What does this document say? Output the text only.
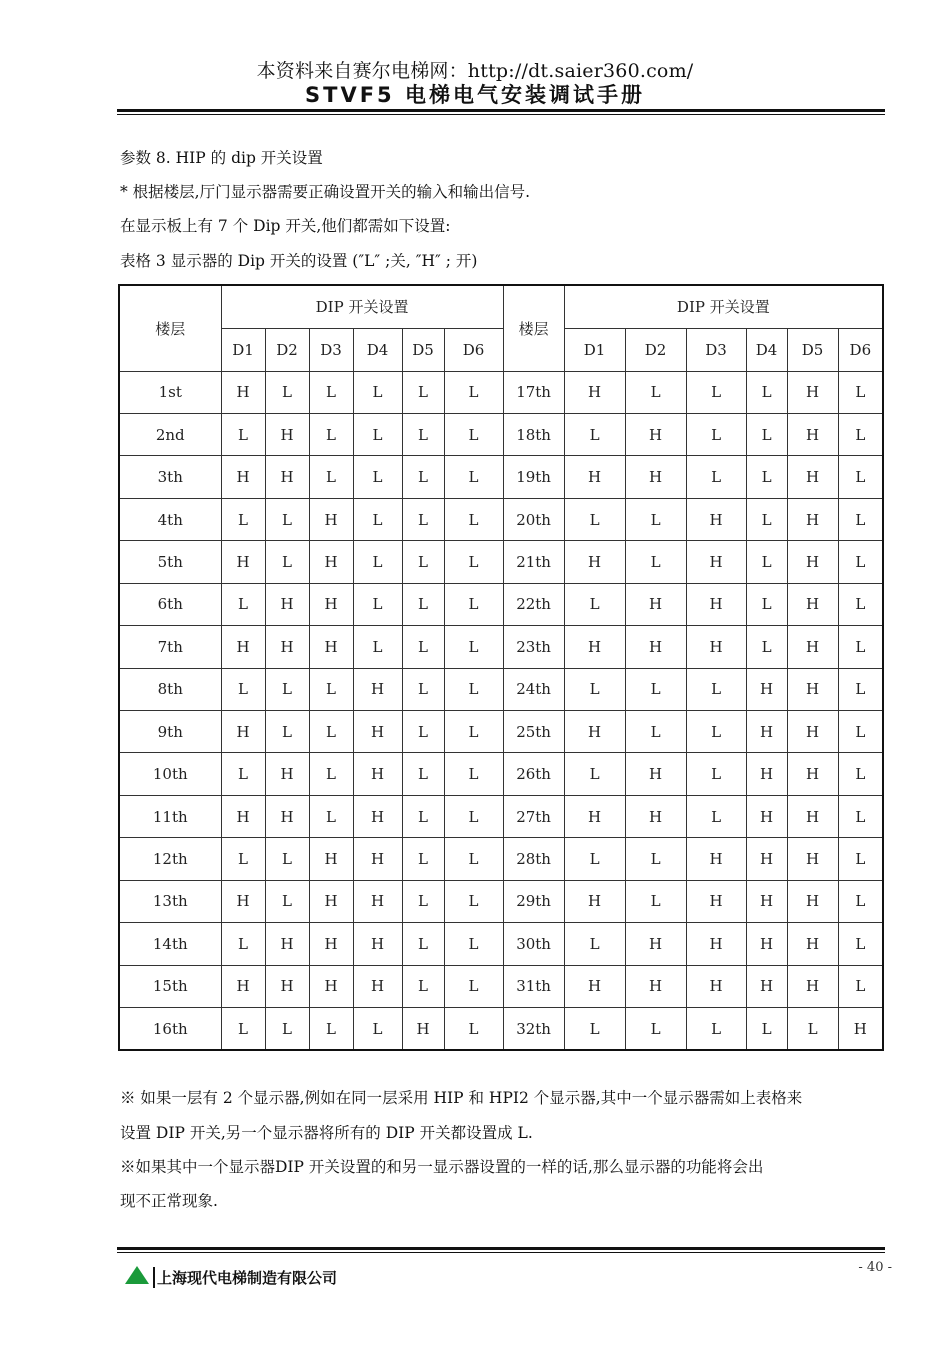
本资料来自赛尔电梯网：http://dt.saier360.com/
STVF5 电梯电气安装调试手册
参数 8. HIP 的 dip 开关设置
* 根据楼层,厅门显示器需要正确设置开关的输入和输出信号.
在显示板上有 7 个 Dip 开关,他们都需如下设置:
表格 3 显示器的 Dip 开关的设置 (″L″ ;关, ″H″ ; 开)
楼层	DIP 开关设置						楼层	DIP 开关设置					
	D1	D2	D3	D4	D5	D6		D1	D2	D3	D4	D5	D6
1st	H	L	L	L	L	L	17th	H	L	L	L	H	L
2nd	L	H	L	L	L	L	18th	L	H	L	L	H	L
3th	H	H	L	L	L	L	19th	H	H	L	L	H	L
4th	L	L	H	L	L	L	20th	L	L	H	L	H	L
5th	H	L	H	L	L	L	21th	H	L	H	L	H	L
6th	L	H	H	L	L	L	22th	L	H	H	L	H	L
7th	H	H	H	L	L	L	23th	H	H	H	L	H	L
8th	L	L	L	H	L	L	24th	L	L	L	H	H	L
9th	H	L	L	H	L	L	25th	H	L	L	H	H	L
10th	L	H	L	H	L	L	26th	L	H	L	H	H	L
11th	H	H	L	H	L	L	27th	H	H	L	H	H	L
12th	L	L	H	H	L	L	28th	L	L	H	H	H	L
13th	H	L	H	H	L	L	29th	H	L	H	H	H	L
14th	L	H	H	H	L	L	30th	L	H	H	H	H	L
15th	H	H	H	H	L	L	31th	H	H	H	H	H	L
16th	L	L	L	L	H	L	32th	L	L	L	L	L	H
※ 如果一层有 2 个显示器,例如在同一层采用 HIP 和 HPI2 个显示器,其中一个显示器需如上表格来
设置 DIP 开关,另一个显示器将所有的 DIP 开关都设置成 L.
※如果其中一个显示器DIP 开关设置的和另一显示器设置的一样的话,那么显示器的功能将会出
现不正常现象.
上海现代电梯制造有限公司
- 40 -
